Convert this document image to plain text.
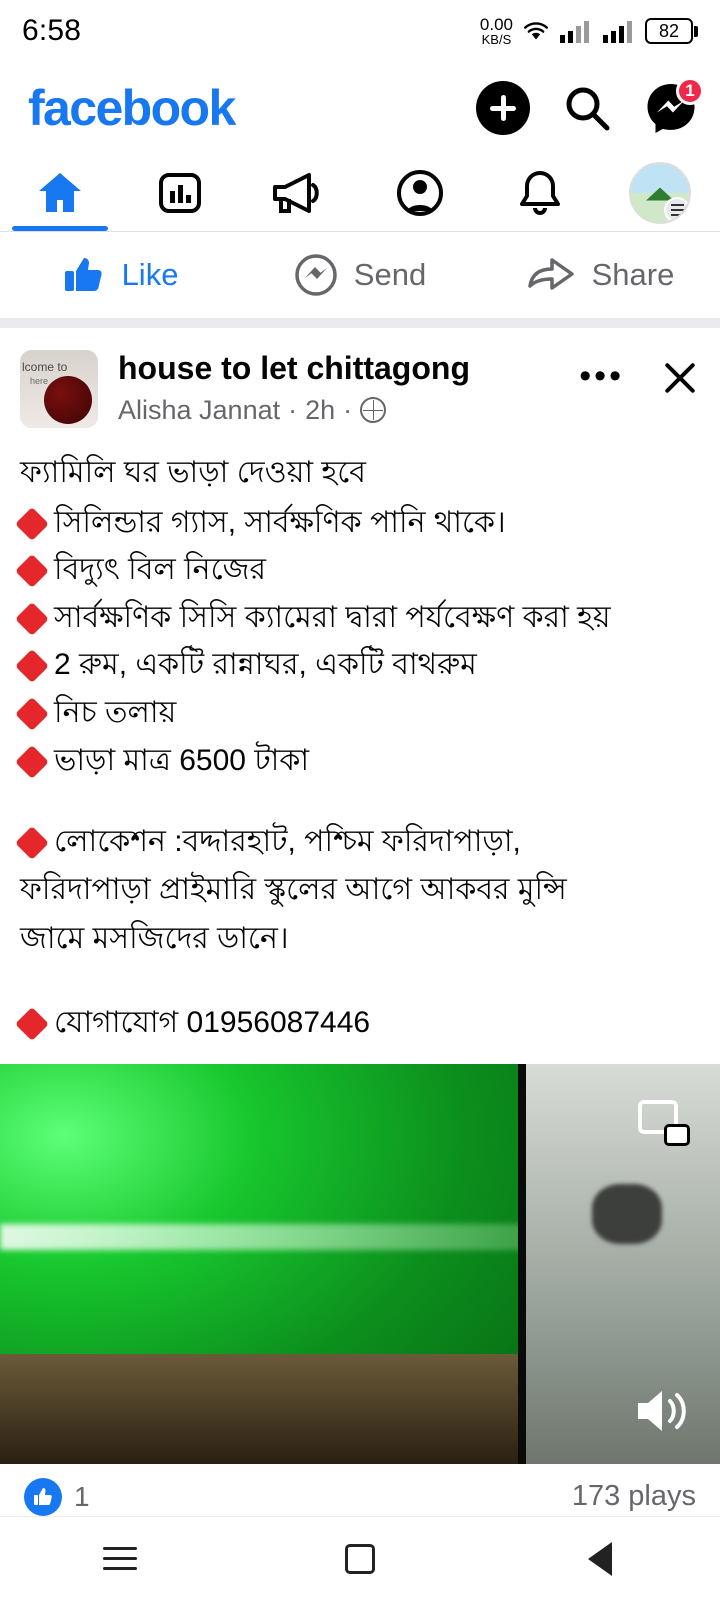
6:58	0.00
KB/S	82
facebook	1
Like	Send	Share
lcome to
here house to let chittagong
Alisha Jannat · 2h ·
•••
ফ্যামিলি ঘর ভাড়া দেওয়া হবে
সিলিন্ডার গ্যাস, সার্বক্ষণিক পানি থাকে।
বিদ্যুৎ বিল নিজের
সার্বক্ষণিক সিসি ক্যামেরা দ্বারা পর্যবেক্ষণ করা হয়
2 রুম, একটি রান্নাঘর, একটি বাথরুম
নিচ তলায়
ভাড়া মাত্র 6500 টাকা
লোকেশন :বদ্দারহাট, পশ্চিম ফরিদাপাড়া,
ফরিদাপাড়া প্রাইমারি স্কুলের আগে আকবর মুন্সি
জামে মসজিদের ডানে।
যোগাযোগ 01956087446
1	173 plays
